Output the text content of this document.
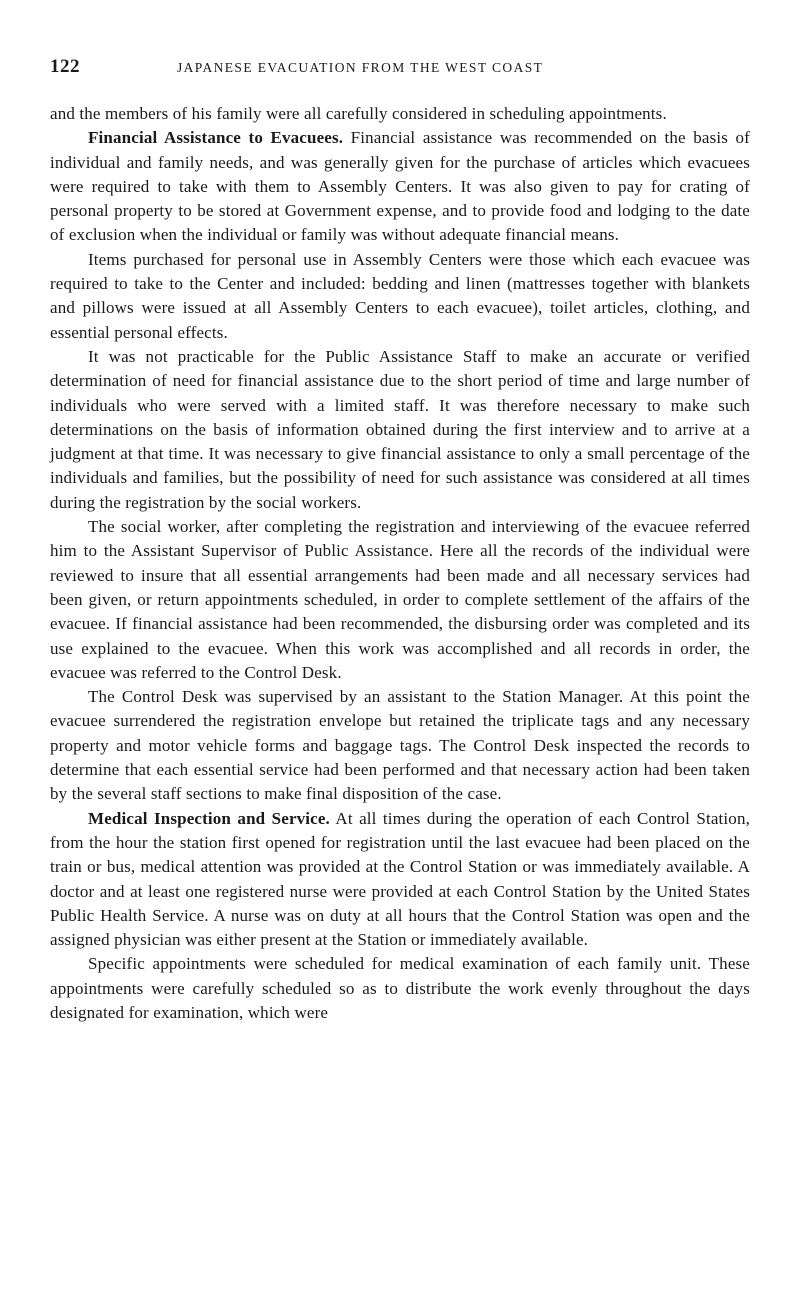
122	JAPANESE EVACUATION FROM THE WEST COAST

and the members of his family were all carefully considered in scheduling appointments.

Financial Assistance to Evacuees. Financial assistance was recommended on the basis of individual and family needs, and was generally given for the purchase of articles which evacuees were required to take with them to Assembly Centers. It was also given to pay for crating of personal property to be stored at Government expense, and to provide food and lodging to the date of exclusion when the individual or family was without adequate financial means.

Items purchased for personal use in Assembly Centers were those which each evacuee was required to take to the Center and included: bedding and linen (mattresses together with blankets and pillows were issued at all Assembly Centers to each evacuee), toilet articles, clothing, and essential personal effects.

It was not practicable for the Public Assistance Staff to make an accurate or verified determination of need for financial assistance due to the short period of time and large number of individuals who were served with a limited staff. It was therefore necessary to make such determinations on the basis of information obtained during the first interview and to arrive at a judgment at that time. It was necessary to give financial assistance to only a small percentage of the individuals and families, but the possibility of need for such assistance was considered at all times during the registration by the social workers.

The social worker, after completing the registration and interviewing of the evacuee referred him to the Assistant Supervisor of Public Assistance. Here all the records of the individual were reviewed to insure that all essential arrangements had been made and all necessary services had been given, or return appointments scheduled, in order to complete settlement of the affairs of the evacuee. If financial assistance had been recommended, the disbursing order was completed and its use explained to the evacuee. When this work was accomplished and all records in order, the evacuee was referred to the Control Desk.

The Control Desk was supervised by an assistant to the Station Manager. At this point the evacuee surrendered the registration envelope but retained the triplicate tags and any necessary property and motor vehicle forms and baggage tags. The Control Desk inspected the records to determine that each essential service had been performed and that necessary action had been taken by the several staff sections to make final disposition of the case.

Medical Inspection and Service. At all times during the operation of each Control Station, from the hour the station first opened for registration until the last evacuee had been placed on the train or bus, medical attention was provided at the Control Station or was immediately available. A doctor and at least one registered nurse were provided at each Control Station by the United States Public Health Service. A nurse was on duty at all hours that the Control Station was open and the assigned physician was either present at the Station or immediately available.

Specific appointments were scheduled for medical examination of each family unit. These appointments were carefully scheduled so as to distribute the work evenly throughout the days designated for examination, which were
